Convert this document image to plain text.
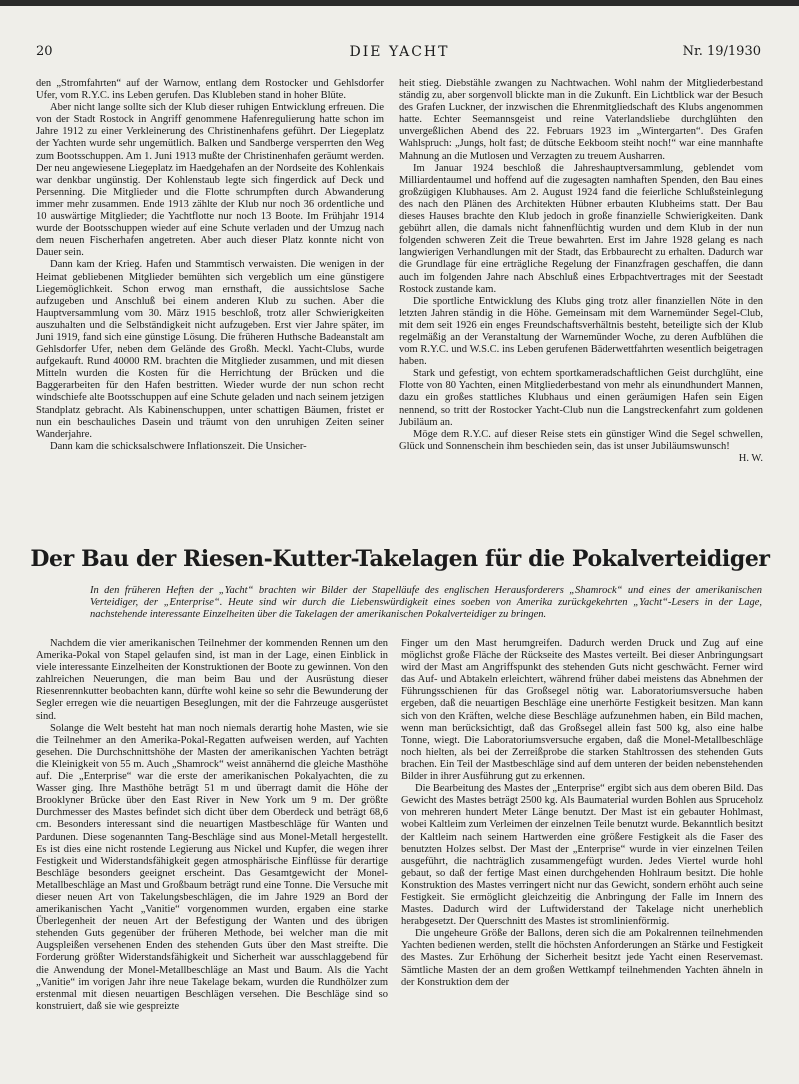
DIE YACHT
20	Nr. 19/1930

den „Stromfahrten“ auf der Warnow, entlang dem Rostocker und Gehlsdorfer Ufer, vom R.Y.C. ins Leben gerufen. Das Klubleben stand in hoher Blüte.

Aber nicht lange sollte sich der Klub dieser ruhigen Entwicklung erfreuen. Die von der Stadt Rostock in Angriff genommene Hafenregulierung hatte schon im Jahre 1912 zu einer Verkleinerung des Christinenhafens geführt. Der Liegeplatz der Yachten wurde sehr ungemütlich. Balken und Sandberge versperrten den Weg zum Bootsschuppen. Am 1. Juni 1913 mußte der Christinenhafen geräumt werden. Der neu angewiesene Liegeplatz im Haedgehafen an der Nordseite des Kohlenkais war denkbar ungünstig. Der Kohlenstaub legte sich fingerdick auf Deck und Persenning. Die Mitglieder und die Flotte schrumpften durch Abwanderung immer mehr zusammen. Ende 1913 zählte der Klub nur noch 36 ordentliche und 10 auswärtige Mitglieder; die Yachtflotte nur noch 13 Boote. Im Frühjahr 1914 wurde der Bootsschuppen wieder auf eine Schute verladen und der Umzug nach dem neuen Fischerhafen angetreten. Aber auch dieser Platz konnte nicht von Dauer sein.

Dann kam der Krieg. Hafen und Stammtisch verwaisten. Die wenigen in der Heimat gebliebenen Mitglieder bemühten sich vergeblich um eine günstigere Liegemöglichkeit. Schon erwog man ernsthaft, die aussichtslose Sache aufzugeben und Anschluß bei einem anderen Klub zu suchen. Aber die Hauptversammlung vom 30. März 1915 beschloß, trotz aller Schwierigkeiten auszuhalten und die Selbständigkeit nicht aufzugeben. Erst vier Jahre später, im Juni 1919, fand sich eine günstige Lösung. Die früheren Huthsche Badeanstalt am Gehlsdorfer Ufer, neben dem Gelände des Großh. Meckl. Yacht-Clubs, wurde aufgekauft. Rund 40000 RM. brachten die Mitglieder zusammen, und mit diesen Mitteln wurden die Kosten für die Herrichtung der Brücken und die Baggerarbeiten für den Hafen bestritten. Wieder wurde der nun schon recht windschiefe alte Bootsschuppen auf eine Schute geladen und nach seinem jetzigen Standplatz gebracht. Als Kabinenschuppen, unter schattigen Bäumen, fristet er nun ein beschauliches Dasein und träumt von den unruhigen Zeiten seiner Wanderjahre.

Dann kam die schicksalschwere Inflationszeit. Die Unsicher-

heit stieg. Diebstähle zwangen zu Nachtwachen. Wohl nahm der Mitgliederbestand ständig zu, aber sorgenvoll blickte man in die Zukunft. Ein Lichtblick war der Besuch des Grafen Luckner, der inzwischen die Ehrenmitgliedschaft des Klubs angenommen hatte. Echter Seemannsgeist und reine Vaterlandsliebe durchglühten den unvergeßlichen Abend des 22. Februars 1923 im „Wintergarten“. Des Grafen Wahlspruch: „Jungs, holt fast; de dütsche Eekboom steiht noch!“ war eine mannhafte Mahnung an die Mutlosen und Verzagten zu treuem Ausharren.

Im Januar 1924 beschloß die Jahreshauptversammlung, geblendet vom Milliardentaumel und hoffend auf die zugesagten namhaften Spenden, den Bau eines großzügigen Klubhauses. Am 2. August 1924 fand die feierliche Schlußsteinlegung des nach den Plänen des Architekten Hübner erbauten Klubheims statt. Der Bau dieses Hauses brachte den Klub jedoch in große finanzielle Schwierigkeiten. Dank gebührt allen, die damals nicht fahnenflüchtig wurden und dem Klub in der nun folgenden schweren Zeit die Treue bewahrten. Erst im Jahre 1928 gelang es nach langwierigen Verhandlungen mit der Stadt, das Erbbaurecht zu erhalten. Dadurch war die Grundlage für eine erträgliche Regelung der Finanzfragen geschaffen, die dann auch im folgenden Jahre nach Abschluß eines Erbpachtvertrages mit der Seestadt Rostock zustande kam.

Die sportliche Entwicklung des Klubs ging trotz aller finanziellen Nöte in den letzten Jahren ständig in die Höhe. Gemeinsam mit dem Warnemünder Segel-Club, mit dem seit 1926 ein enges Freundschaftsverhältnis besteht, beteiligte sich der Klub regelmäßig an der Veranstaltung der Warnemünder Woche, zu deren Aufblühen die vom R.Y.C. und W.S.C. ins Leben gerufenen Bäderwettfahrten wesentlich beigetragen haben.

Stark und gefestigt, von echtem sportkameradschaftlichen Geist durchglüht, eine Flotte von 80 Yachten, einen Mitgliederbestand von mehr als einundhundert Mannen, dazu ein großes stattliches Klubhaus und einen geräumigen Hafen sein Eigen nennend, so tritt der Rostocker Yacht-Club nun die Langstreckenfahrt zum goldenen Jubiläum an.

Möge dem R.Y.C. auf dieser Reise stets ein günstiger Wind die Segel schwellen, Glück und Sonnenschein ihm beschieden sein, das ist unser Jubiläumswunsch!

H. W.

Der Bau der Riesen-Kutter-Takelagen für die Pokalverteidiger

In den früheren Heften der „Yacht“ brachten wir Bilder der Stapelläufe des englischen Herausforderers „Shamrock“ und eines der amerikanischen Verteidiger, der „Enterprise“. Heute sind wir durch die Liebenswürdigkeit eines soeben von Amerika zurückgekehrten „Yacht“-Lesers in der Lage, nachstehende interessante Einzelheiten über die Takelagen der amerikanischen Pokalverteidiger zu bringen.

Nachdem die vier amerikanischen Teilnehmer der kommenden Rennen um den Amerika-Pokal von Stapel gelaufen sind, ist man in der Lage, einen Einblick in viele interessante Einzelheiten der Konstruktionen der Boote zu gewinnen. Von den zahlreichen Neuerungen, die man beim Bau und der Ausrüstung dieser Riesenrennkutter beobachten kann, dürfte wohl keine so sehr die Bewunderung der Segler erregen wie die neuartigen Beseglungen, mit der die Fahrzeuge ausgerüstet sind.

Solange die Welt besteht hat man noch niemals derartig hohe Masten, wie sie die Teilnehmer an den Amerika-Pokal-Regatten aufweisen werden, auf Yachten gesehen. Die Durchschnittshöhe der Masten der amerikanischen Yachten beträgt die Kleinigkeit von 55 m. Auch „Shamrock“ weist annähernd die gleiche Masthöhe auf. Die „Enterprise“ war die erste der amerikanischen Pokalyachten, die zu Wasser ging. Ihre Masthöhe beträgt 51 m und überragt damit die Höhe der Brooklyner Brücke über den East River in New York um 9 m. Der größte Durchmesser des Mastes befindet sich dicht über dem Oberdeck und beträgt 68,6 cm. Besonders interessant sind die neuartigen Mastbeschläge für Wanten und Pardunen. Diese sogenannten Tang-Beschläge sind aus Monel-Metall hergestellt. Es ist dies eine nicht rostende Legierung aus Nickel und Kupfer, die wegen ihrer Festigkeit und Widerstandsfähigkeit gegen atmosphärische Einflüsse für derartige Beschläge besonders geeignet erscheint. Das Gesamtgewicht der Monel-Metallbeschläge an Mast und Großbaum beträgt rund eine Tonne. Die Versuche mit dieser neuen Art von Takelungsbeschlägen, die im Jahre 1929 an Bord der amerikanischen Yacht „Vanitie“ vorgenommen wurden, ergaben eine starke Überlegenheit der neuen Art der Befestigung der Wanten und des übrigen stehenden Guts gegenüber der früheren Methode, bei welcher man die mit Augspleißen versehenen Enden des stehenden Guts über den Mast streifte. Die Forderung größter Widerstandsfähigkeit und Sicherheit war ausschlaggebend für die Anwendung der Monel-Metallbeschläge an Mast und Baum. Als die Yacht „Vanitie“ im vorigen Jahr ihre neue Takelage bekam, wurden die Rundhölzer zum erstenmal mit diesen neuartigen Beschlägen versehen. Die Beschläge sind so konstruiert, daß sie wie gespreizte

Finger um den Mast herumgreifen. Dadurch werden Druck und Zug auf eine möglichst große Fläche der Rückseite des Mastes verteilt. Bei dieser Anbringungsart wird der Mast am Angriffspunkt des stehenden Guts nicht geschwächt. Ferner wird das Auf- und Abtakeln erleichtert, während früher dabei meistens das Abnehmen der Führungsschienen für das Großsegel nötig war. Laboratoriumsversuche haben ergeben, daß die neuartigen Beschläge eine unerhörte Festigkeit besitzen. Man kann sich von den Kräften, welche diese Beschläge aufzunehmen haben, ein Bild machen, wenn man berücksichtigt, daß das Großsegel allein fast 500 kg, also eine halbe Tonne, wiegt. Die Laboratoriumsversuche ergaben, daß die Monel-Metallbeschläge noch hielten, als bei der Zerreißprobe die starken Stahltrossen des stehenden Guts brachen. Ein Teil der Mastbeschläge sind auf dem unteren der beiden nebenstehenden Bilder in ihrer Ausführung gut zu erkennen.

Die Bearbeitung des Mastes der „Enterprise“ ergibt sich aus dem oberen Bild. Das Gewicht des Mastes beträgt 2500 kg. Als Baumaterial wurden Bohlen aus Spruceholz von mehreren hundert Meter Länge benutzt. Der Mast ist ein gebauter Hohlmast, wobei Kaltleim zum Verleimen der einzelnen Teile benutzt wurde. Bekanntlich besitzt der Kaltleim nach seinem Hartwerden eine größere Festigkeit als die Faser des benutzten Holzes selbst. Der Mast der „Enterprise“ wurde in vier einzelnen Teilen ausgeführt, die nachträglich zusammengefügt wurden. Jedes Viertel wurde hohl gebaut, so daß der fertige Mast einen durchgehenden Hohlraum besitzt. Die hohle Konstruktion des Mastes verringert nicht nur das Gewicht, sondern erhöht auch seine Festigkeit. Sie ermöglicht gleichzeitig die Anbringung der Falle im Innern des Mastes. Dadurch wird der Luftwiderstand der Takelage nicht unerheblich herabgesetzt. Der Querschnitt des Mastes ist stromlinienförmig.

Die ungeheure Größe der Ballons, deren sich die am Pokalrennen teilnehmenden Yachten bedienen werden, stellt die höchsten Anforderungen an Stärke und Festigkeit des Mastes. Zur Erhöhung der Sicherheit besitzt jede Yacht einen Reservemast. Sämtliche Masten der an dem großen Wettkampf teilnehmenden Yachten ähneln in der Konstruktion dem der
